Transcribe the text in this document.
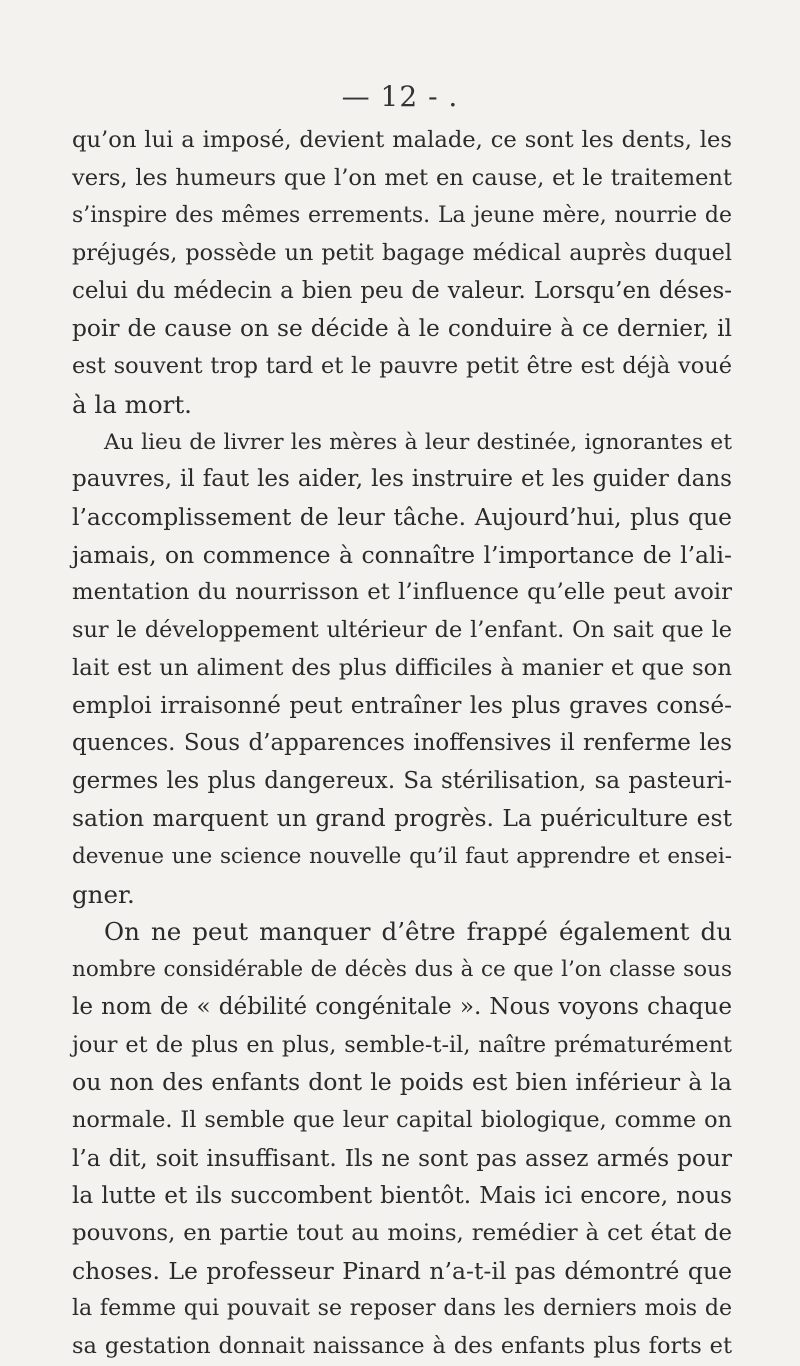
— 12 - .
qu’on lui a imposé, devient malade, ce sont les dents, les
vers, les humeurs que l’on met en cause, et le traitement
s’inspire des mêmes errements. La jeune mère, nourrie de
préjugés, possède un petit bagage médical auprès duquel
celui du médecin a bien peu de valeur. Lorsqu’en déses-
poir de cause on se décide à le conduire à ce dernier, il
est souvent trop tard et le pauvre petit être est déjà voué
à la mort.
Au lieu de livrer les mères à leur destinée, ignorantes et
pauvres, il faut les aider, les instruire et les guider dans
l’accomplissement de leur tâche. Aujourd’hui, plus que
jamais, on commence à connaître l’importance de l’ali-
mentation du nourrisson et l’influence qu’elle peut avoir
sur le développement ultérieur de l’enfant. On sait que le
lait est un aliment des plus difficiles à manier et que son
emploi irraisonné peut entraîner les plus graves consé-
quences. Sous d’apparences inoffensives il renferme les
germes les plus dangereux. Sa stérilisation, sa pasteuri-
sation marquent un grand progrès. La puériculture est
devenue une science nouvelle qu’il faut apprendre et ensei-
gner.
On ne peut manquer d’être frappé également du
nombre considérable de décès dus à ce que l’on classe sous
le nom de « débilité congénitale ». Nous voyons chaque
jour et de plus en plus, semble-t-il, naître prématurément
ou non des enfants dont le poids est bien inférieur à la
normale. Il semble que leur capital biologique, comme on
l’a dit, soit insuffisant. Ils ne sont pas assez armés pour
la lutte et ils succombent bientôt. Mais ici encore, nous
pouvons, en partie tout au moins, remédier à cet état de
choses. Le professeur Pinard n’a-t-il pas démontré que
la femme qui pouvait se reposer dans les derniers mois de
sa gestation donnait naissance à des enfants plus forts et
